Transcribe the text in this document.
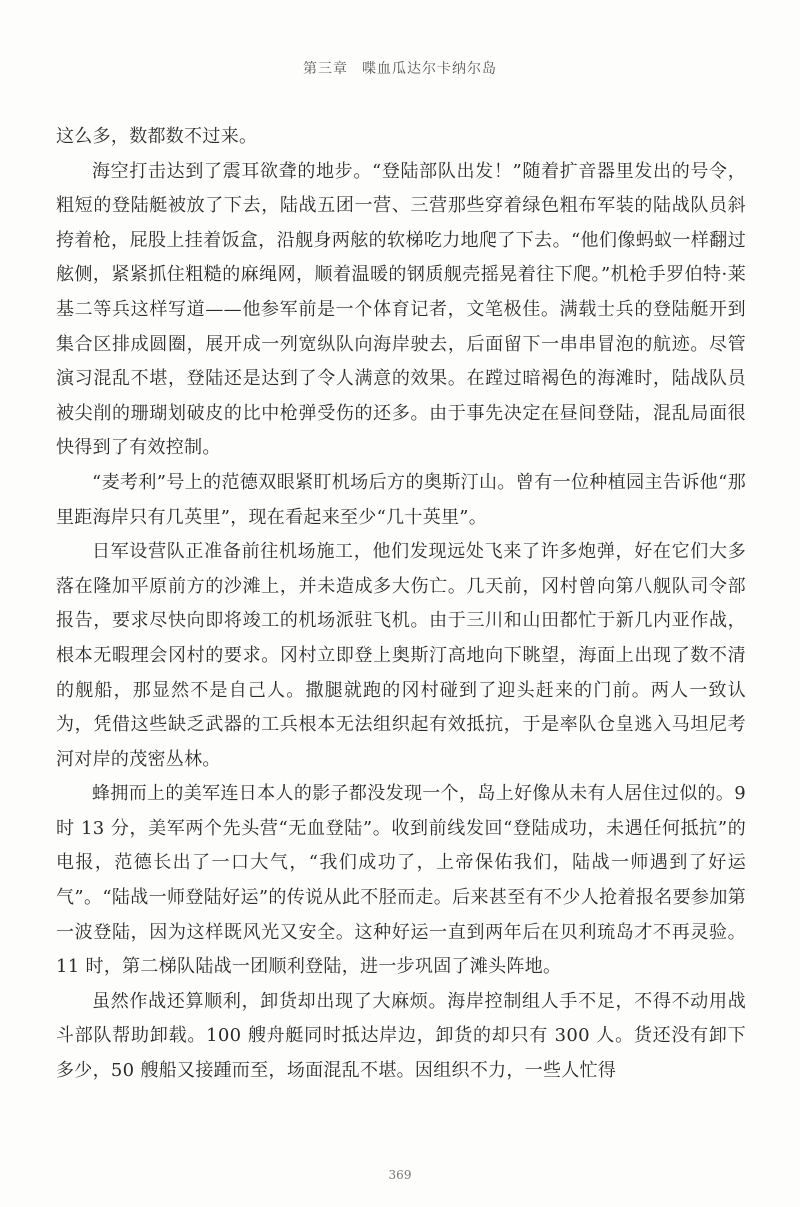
第三章 喋血瓜达尔卡纳尔岛

这么多，数都数不过来。

海空打击达到了震耳欲聋的地步。“登陆部队出发！”随着扩音器里发出的号令，粗短的登陆艇被放了下去，陆战五团一营、三营那些穿着绿色粗布军装的陆战队员斜挎着枪，屁股上挂着饭盒，沿舰身两舷的软梯吃力地爬了下去。“他们像蚂蚁一样翻过舷侧，紧紧抓住粗糙的麻绳网，顺着温暖的钢质舰壳摇晃着往下爬。”机枪手罗伯特·莱基二等兵这样写道——他参军前是一个体育记者，文笔极佳。满载士兵的登陆艇开到集合区排成圆圈，展开成一列宽纵队向海岸驶去，后面留下一串串冒泡的航迹。尽管演习混乱不堪，登陆还是达到了令人满意的效果。在蹚过暗褐色的海滩时，陆战队员被尖削的珊瑚划破皮的比中枪弹受伤的还多。由于事先决定在昼间登陆，混乱局面很快得到了有效控制。

“麦考利”号上的范德双眼紧盯机场后方的奥斯汀山。曾有一位种植园主告诉他“那里距海岸只有几英里”，现在看起来至少“几十英里”。

日军设营队正准备前往机场施工，他们发现远处飞来了许多炮弹，好在它们大多落在隆加平原前方的沙滩上，并未造成多大伤亡。几天前，冈村曾向第八舰队司令部报告，要求尽快向即将竣工的机场派驻飞机。由于三川和山田都忙于新几内亚作战，根本无暇理会冈村的要求。冈村立即登上奥斯汀高地向下眺望，海面上出现了数不清的舰船，那显然不是自己人。撒腿就跑的冈村碰到了迎头赶来的门前。两人一致认为，凭借这些缺乏武器的工兵根本无法组织起有效抵抗，于是率队仓皇逃入马坦尼考河对岸的茂密丛林。

蜂拥而上的美军连日本人的影子都没发现一个，岛上好像从未有人居住过似的。9 时 13 分，美军两个先头营“无血登陆”。收到前线发回“登陆成功，未遇任何抵抗”的电报，范德长出了一口大气，“我们成功了，上帝保佑我们，陆战一师遇到了好运气”。“陆战一师登陆好运”的传说从此不胫而走。后来甚至有不少人抢着报名要参加第一波登陆，因为这样既风光又安全。这种好运一直到两年后在贝利琉岛才不再灵验。11 时，第二梯队陆战一团顺利登陆，进一步巩固了滩头阵地。

虽然作战还算顺利，卸货却出现了大麻烦。海岸控制组人手不足，不得不动用战斗部队帮助卸载。100 艘舟艇同时抵达岸边，卸货的却只有 300 人。货还没有卸下多少，50 艘船又接踵而至，场面混乱不堪。因组织不力，一些人忙得

369
